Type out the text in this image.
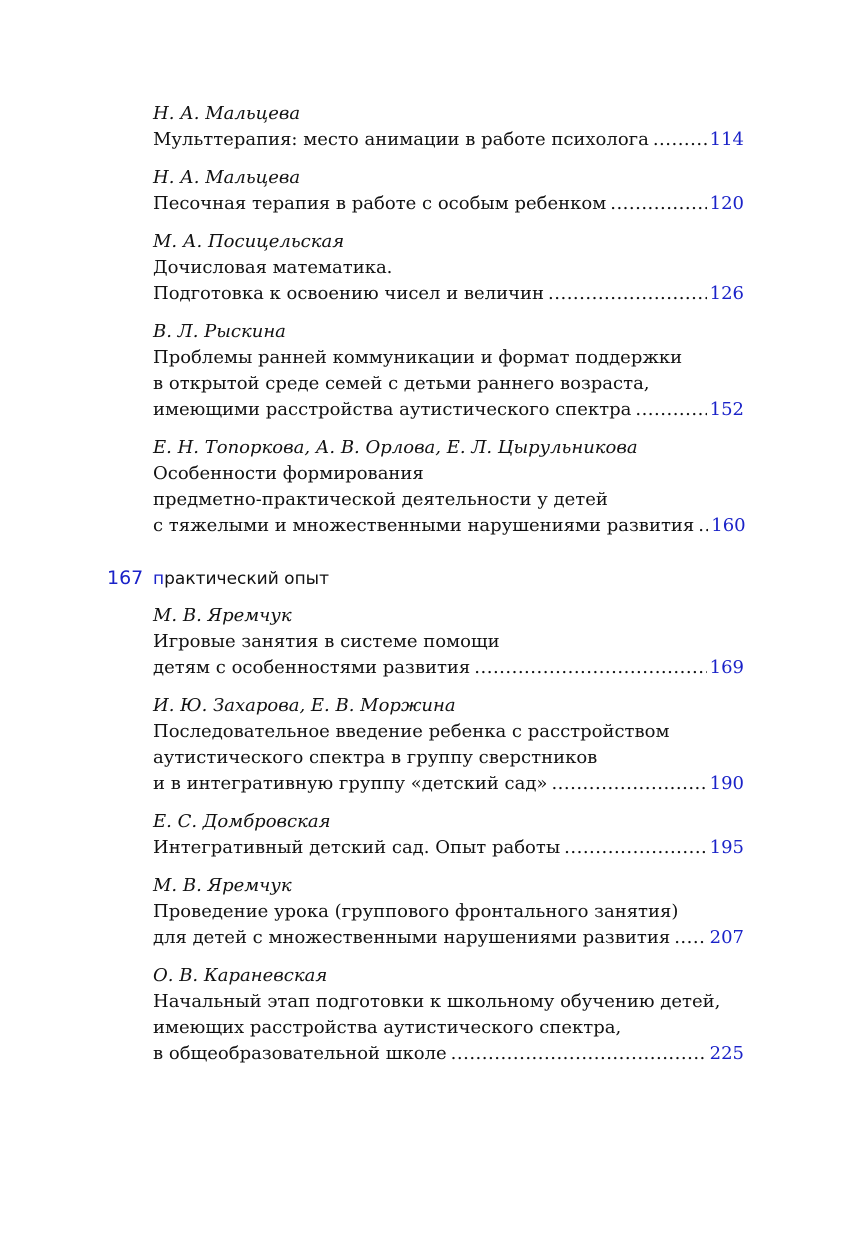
Н. А. Мальцева
Мульттерапия: место анимации в работе психолога .....	114
Н. А. Мальцева
Песочная терапия в работе с особым ребенком .....	120
М. А. Посицельская
Дочисловая математика.
Подготовка к освоению чисел и величин .....	126
В. Л. Рыскина
Проблемы ранней коммуникации и формат поддержки
в открытой среде семей с детьми раннего возраста,
имеющими расстройства аутистического спектра .....	152
Е. Н. Топоркова, А. В. Орлова, Е. Л. Цырульникова
Особенности формирования
предметно-практической деятельности у детей
с тяжелыми и множественными нарушениями развития ..... 160
167 п рактический опыт
М. В. Яремчук
Игровые занятия в системе помощи
детям с особенностями развития .....	169
И. Ю. Захарова, Е. В. Моржина
Последовательное введение ребенка с расстройством
аутистического спектра в группу сверстников
и в интегративную группу «детский сад» .....	190
Е. С. Домбровская
Интегративный детский сад. Опыт работы .....	195
М. В. Яремчук
Проведение урока (группового фронтального занятия)
для детей с множественными нарушениями развития ..... 207
О. В. Караневская
Начальный этап подготовки к школьному обучению детей,
имеющих расстройства аутистического спектра,
в общеобразовательной школе .....	225
